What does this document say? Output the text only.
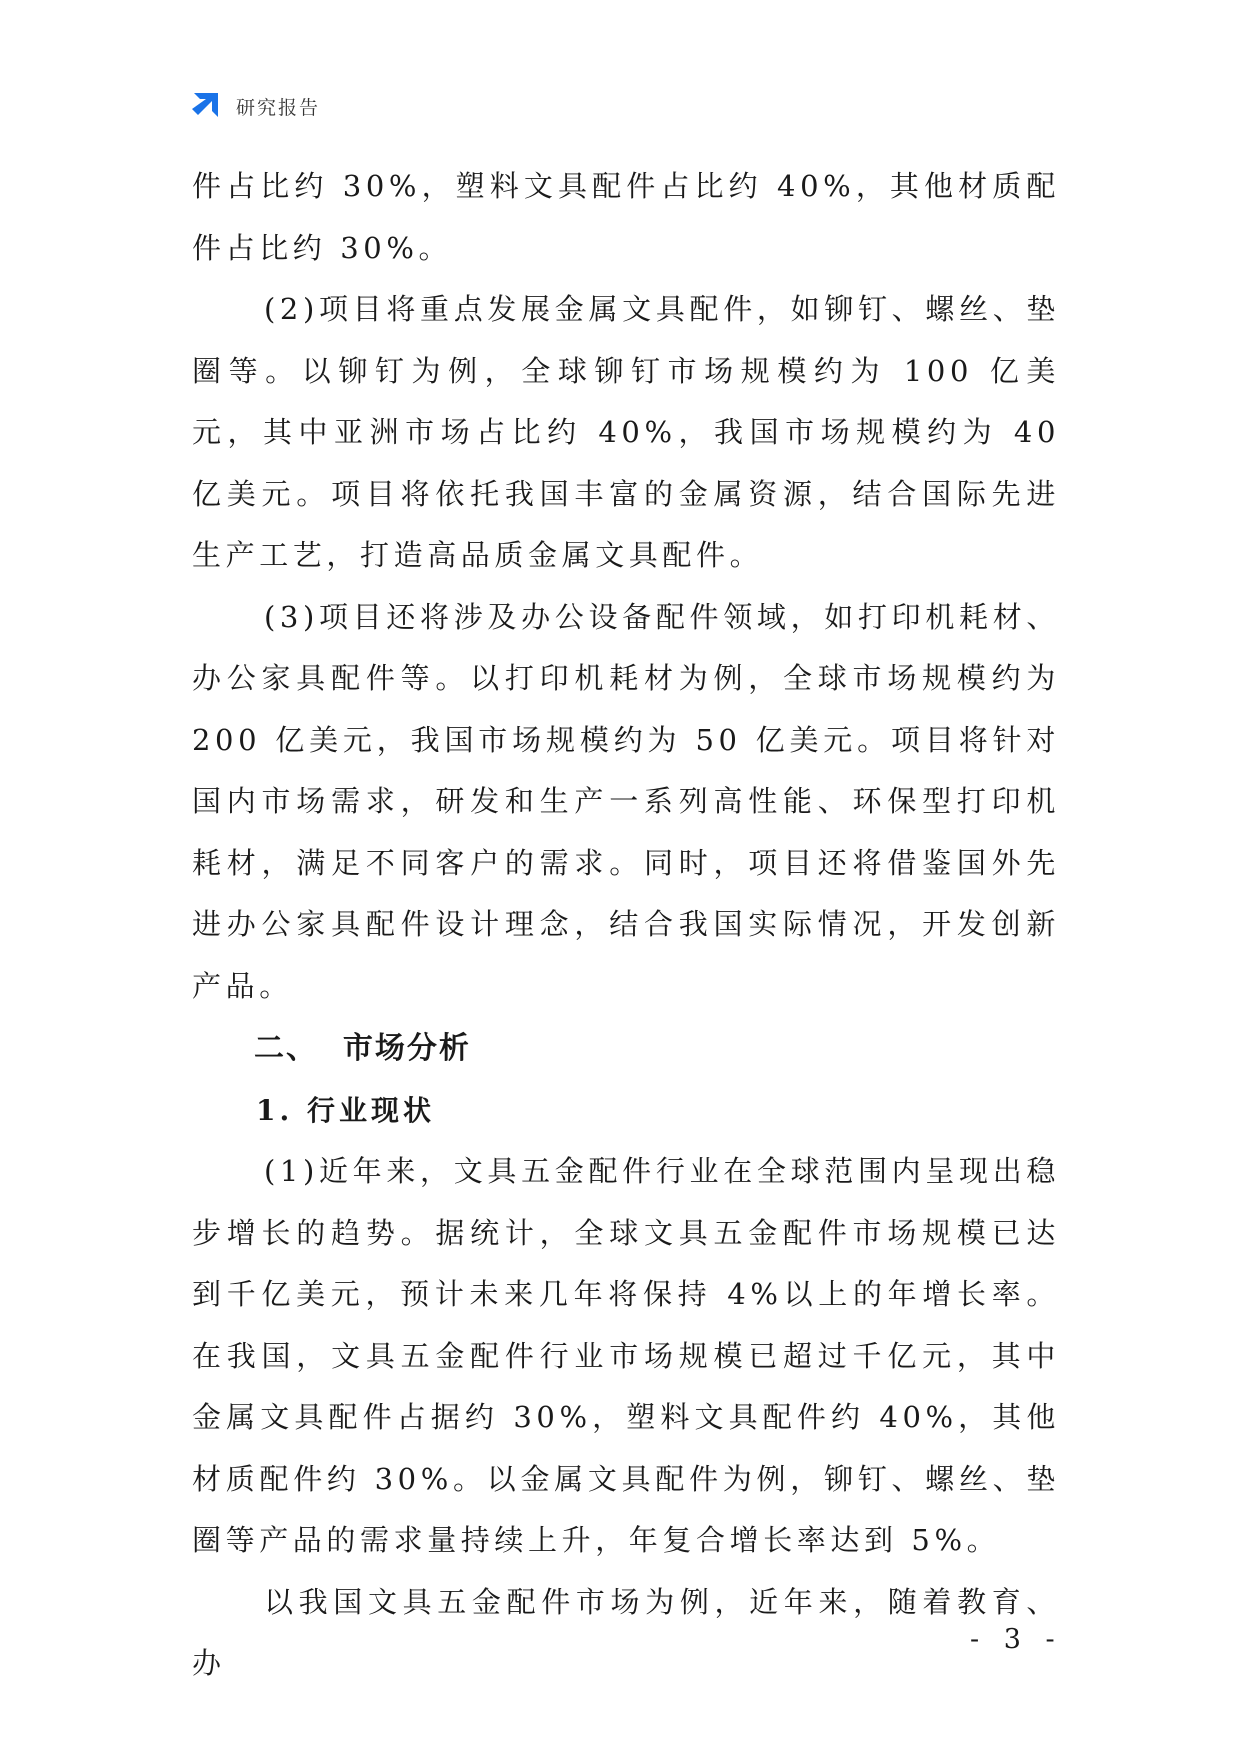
研究报告

件占比约 30%，塑料文具配件占比约 40%，其他材质配件占比约 30%。

(2)项目将重点发展金属文具配件，如铆钉、螺丝、垫圈等。以铆钉为例，全球铆钉市场规模约为 100 亿美元，其中亚洲市场占比约 40%，我国市场规模约为 40 亿美元。项目将依托我国丰富的金属资源，结合国际先进生产工艺，打造高品质金属文具配件。

(3)项目还将涉及办公设备配件领域，如打印机耗材、办公家具配件等。以打印机耗材为例，全球市场规模约为 200 亿美元，我国市场规模约为 50 亿美元。项目将针对国内市场需求，研发和生产一系列高性能、环保型打印机耗材，满足不同客户的需求。同时，项目还将借鉴国外先进办公家具配件设计理念，结合我国实际情况，开发创新产品。

二、  市场分析
1. 行业现状

(1)近年来，文具五金配件行业在全球范围内呈现出稳步增长的趋势。据统计，全球文具五金配件市场规模已达到千亿美元，预计未来几年将保持 4%以上的年增长率。在我国，文具五金配件行业市场规模已超过千亿元，其中金属文具配件占据约 30%，塑料文具配件约 40%，其他材质配件约 30%。以金属文具配件为例，铆钉、螺丝、垫圈等产品的需求量持续上升，年复合增长率达到 5%。

以我国文具五金配件市场为例，近年来，随着教育、办

- 3 -
